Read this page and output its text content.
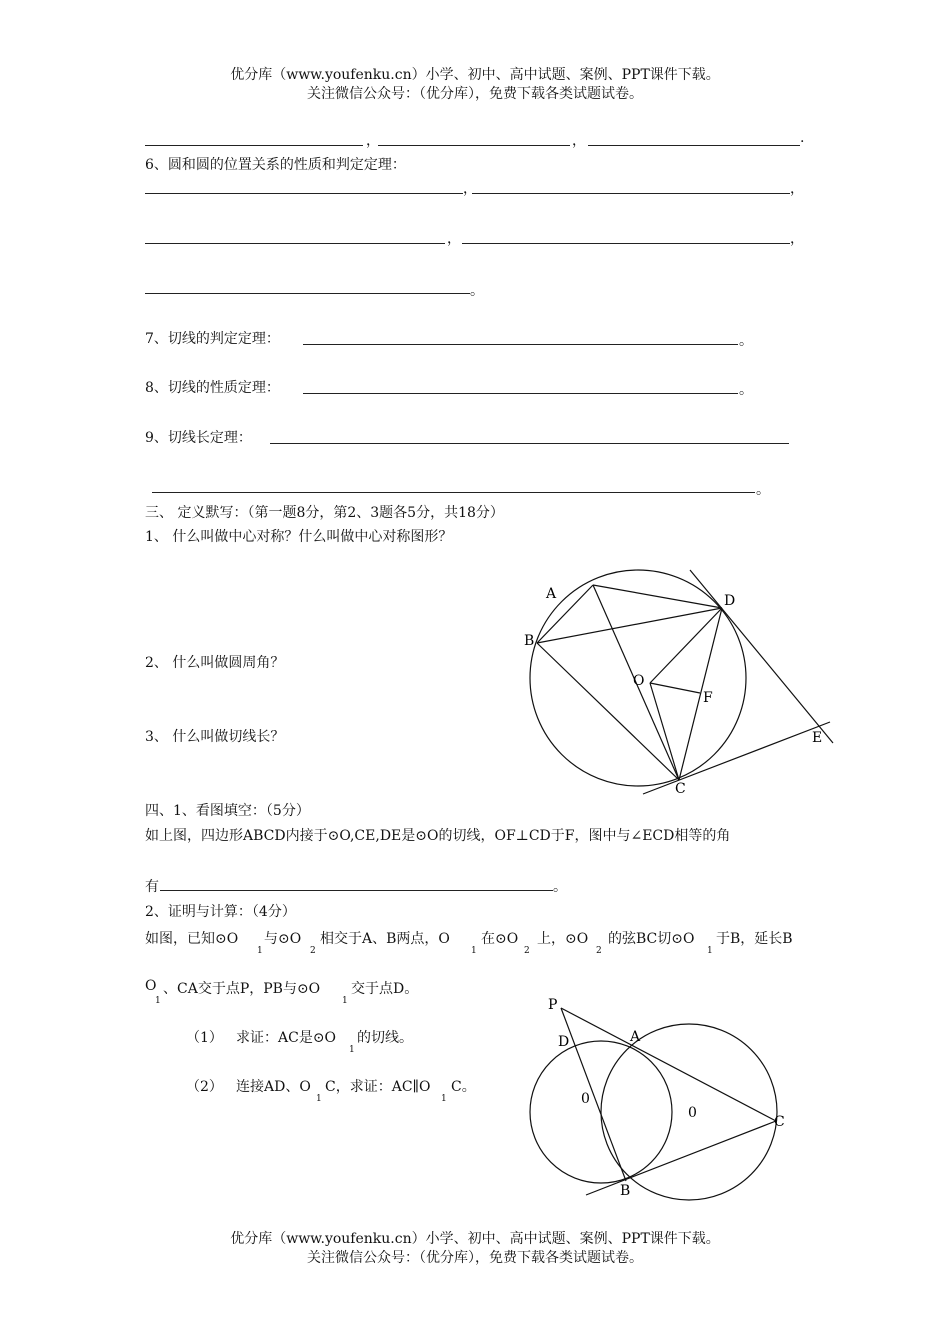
优分库（www.youfenku.cn）小学、初中、高中试题、案例、PPT课件下载。
关注微信公众号：（优分库），免费下载各类试题试卷。
，	，	.
6、圆和圆的位置关系的性质和判定定理：
，	，
，	，
。
7、切线的判定定理：	。
8、切线的性质定理：	。
9、切线长定理：
。
三、 定义默写：（第一题8分，第2、3题各5分，共18分）
1、 什么叫做中心对称？什么叫做中心对称图形？
2、 什么叫做圆周角？
3、 什么叫做切线长？
A
B
C
D
E
F
O
四、1、看图填空：（5分）
如上图，四边形ABCD内接于⊙O,CE,DE是⊙O的切线，OF⊥CD于F，图中与∠ECD相等的角
有	。
2、证明与计算：（4分）
如图，已知⊙O
1
与⊙O
2
相交于A、B两点，O
1
在⊙O
2
上，⊙O
2
的弦BC切⊙O
1
于B，延长B
O
1
、CA交于点P，PB与⊙O
1
交于点D。
（1） 求证：AC是⊙O
1
的切线。
（2） 连接AD、O
1
C，求证：AC∥O
1
C。
P
A
D
C
B
0
0
优分库（www.youfenku.cn）小学、初中、高中试题、案例、PPT课件下载。
关注微信公众号：（优分库），免费下载各类试题试卷。
